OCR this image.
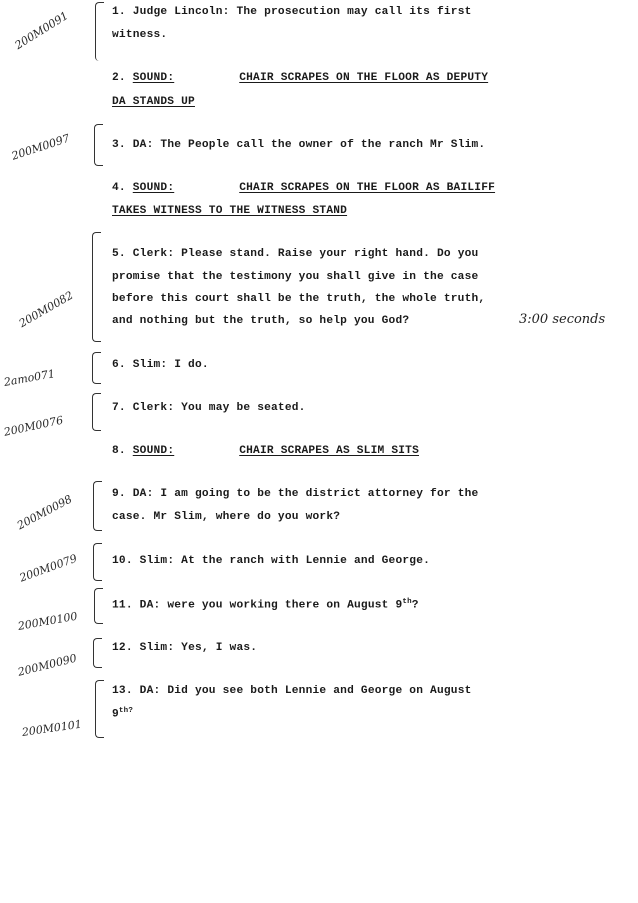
1. Judge Lincoln: The prosecution may call its first
witness.
2. SOUND:	CHAIR SCRAPES ON THE FLOOR AS DEPUTY
DA STANDS UP
3. DA: The People call the owner of the ranch Mr Slim.
4. SOUND:	CHAIR SCRAPES ON THE FLOOR AS BAILIFF
TAKES WITNESS TO THE WITNESS STAND
5. Clerk: Please stand. Raise your right hand. Do you
promise that the testimony you shall give in the case
before this court shall be the truth, the whole truth,
and nothing but the truth, so help you God?
6. Slim: I do.
7. Clerk: You may be seated.
8. SOUND:	CHAIR SCRAPES AS SLIM SITS
9. DA: I am going to be the district attorney for the
case. Mr Slim, where do you work?
10. Slim: At the ranch with Lennie and George.
11. DA: were you working there on August 9th?
12. Slim: Yes, I was.
13. DA: Did you see both Lennie and George on August
$9^{th?}$
200M0091
200M0097
200M0082
2amo071
200M0076
200M0098
200M0079
200M0100
200M0090
200M0101
3:00 seconds
